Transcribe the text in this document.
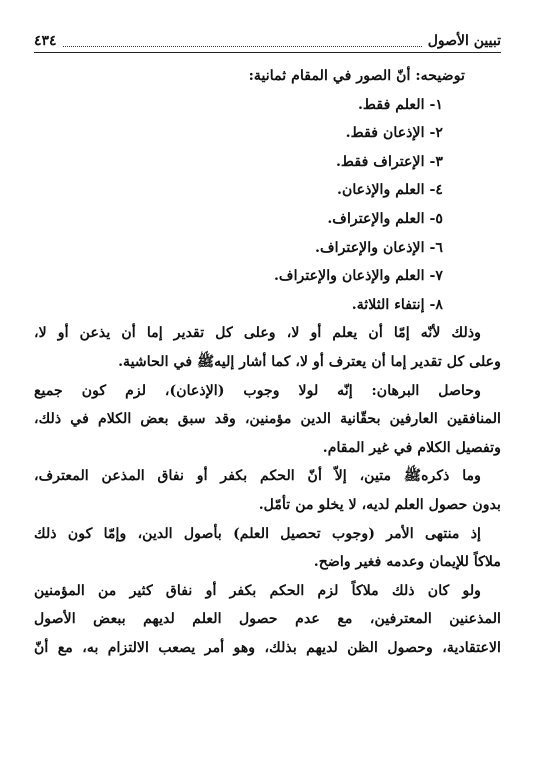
تبيين الأصول
٤٣٤
توضيحه: أنّ الصور في المقام ثمانية:
١- العلم فقط.
٢- الإذعان فقط.
٣- الإعتراف فقط.
٤- العلم والإذعان.
٥- العلم والإعتراف.
٦- الإذعان والإعتراف.
٧- العلم والإذعان والإعتراف.
٨- إنتفاء الثلاثة.
وذلك لأنّه إمّا أن يعلم أو لا، وعلى كل تقدير إما أن يذعن أو لا،
وعلى كل تقدير إما أن يعترف أو لا، كما أشار إليهﷺ في الحاشية.
وحاصل البرهان: إنّه لولا وجوب (الإذعان)، لزم كون جميع
المنافقين العارفين بحقّانية الدين مؤمنين، وقد سبق بعض الكلام في ذلك،
وتفصيل الكلام في غير المقام.
وما ذكرهﷺ متين، إلاّ أنّ الحكم بكفر أو نفاق المذعن المعترف،
بدون حصول العلم لديه، لا يخلو من تأمّل.
إذ منتهى الأمر (وجوب تحصيل العلم) بأصول الدين، وإمّا كون ذلك
ملاكاً للإيمان وعدمه فغير واضح.
ولو كان ذلك ملاكاً لزم الحكم بكفر أو نفاق كثير من المؤمنين
المذعنين المعترفين، مع عدم حصول العلم لديهم ببعض الأصول
الاعتقادية، وحصول الظن لديهم بذلك، وهو أمر يصعب الالتزام به، مع أنّ
